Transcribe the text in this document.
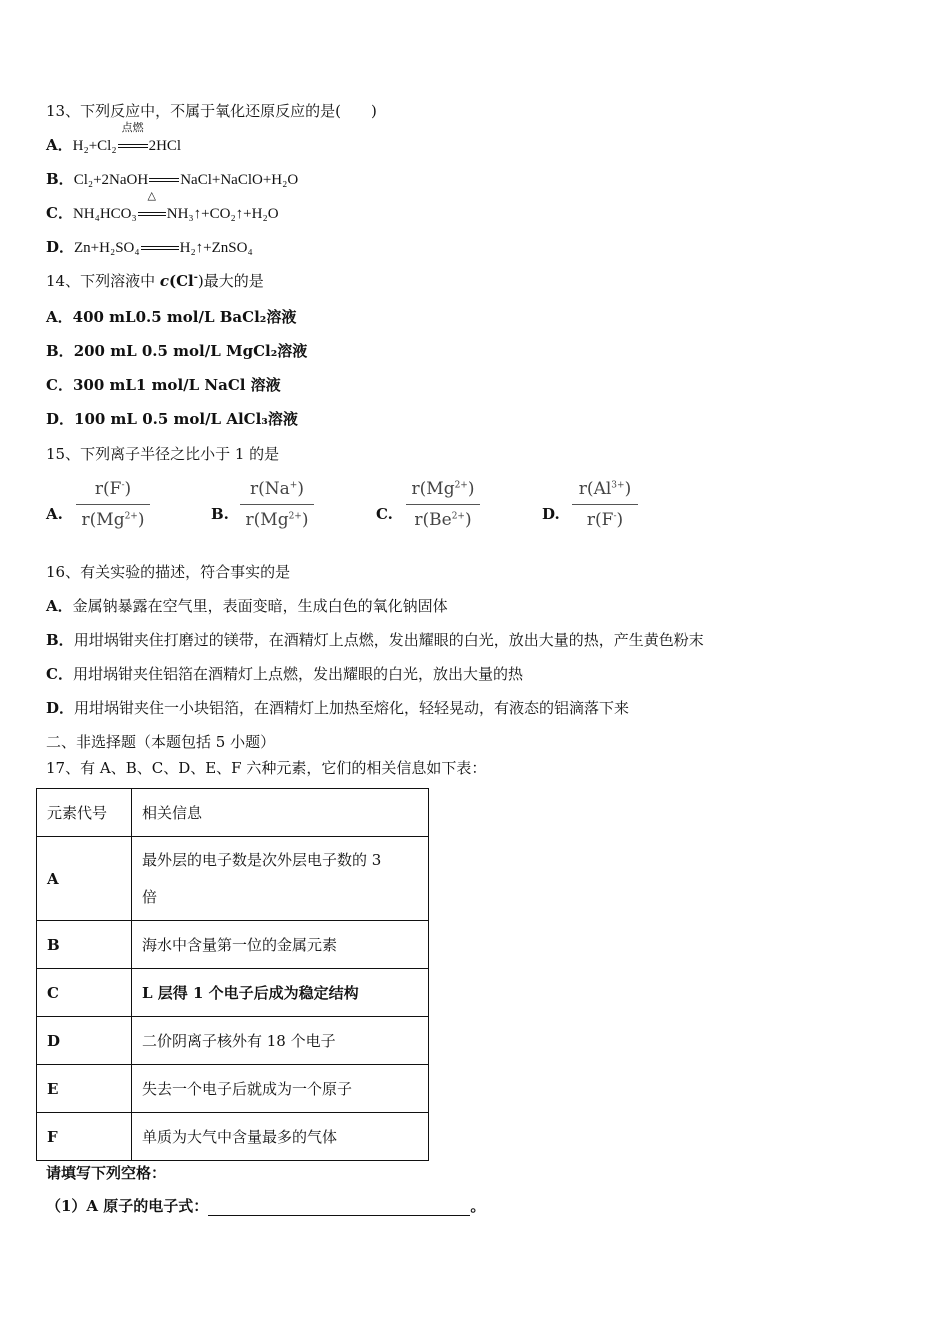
13、下列反应中，不属于氧化还原反应的是(　　)
A．H₂+Cl₂
点燃
2HCl
B．Cl₂+2NaOH NaCl+NaClO+H₂O
C．NH₄HCO₃
△
NH₃↑+CO₂↑+H₂O
D．Zn+H₂SO₄	H₂↑+ZnSO₄
14、下列溶液中 c(Cl-)最大的是
A．400 mL0.5 mol/L BaCl₂溶液
B．200 mL 0.5 mol/L MgCl₂溶液
C．300 mL1 mol/L NaCl 溶液
D．100 mL 0.5 mol/L AlCl₃溶液
15、下列离子半径之比小于 1 的是
A.
r(F-)
$r(Mg^{2+})$	B.
r(Na+)
$r(Mg^{2+})$	C.
$r(Mg^{2+})$
$r(Be^{2+})$	D.
$r(Al^{3+})$
r(F-)
16、有关实验的描述，符合事实的是
A．金属钠暴露在空气里，表面变暗，生成白色的氧化钠固体
B．用坩埚钳夹住打磨过的镁带，在酒精灯上点燃，发出耀眼的白光，放出大量的热，产生黄色粉末
C．用坩埚钳夹住铝箔在酒精灯上点燃，发出耀眼的白光，放出大量的热
D．用坩埚钳夹住一小块铝箔，在酒精灯上加热至熔化，轻轻晃动，有液态的铝滴落下来
二、非选择题（本题包括 5 小题）
17、有 A、B、C、D、E、F 六种元素，它们的相关信息如下表：
元素代号	相关信息
A	最外层的电子数是次外层电子数的 3
倍
B	海水中含量第一位的金属元素
C	L 层得 1 个电子后成为稳定结构
D	二价阴离子核外有 18 个电子
E	失去一个电子后就成为一个原子
F	单质为大气中含量最多的气体
请填写下列空格：
（1）A 原子的电子式：	。
